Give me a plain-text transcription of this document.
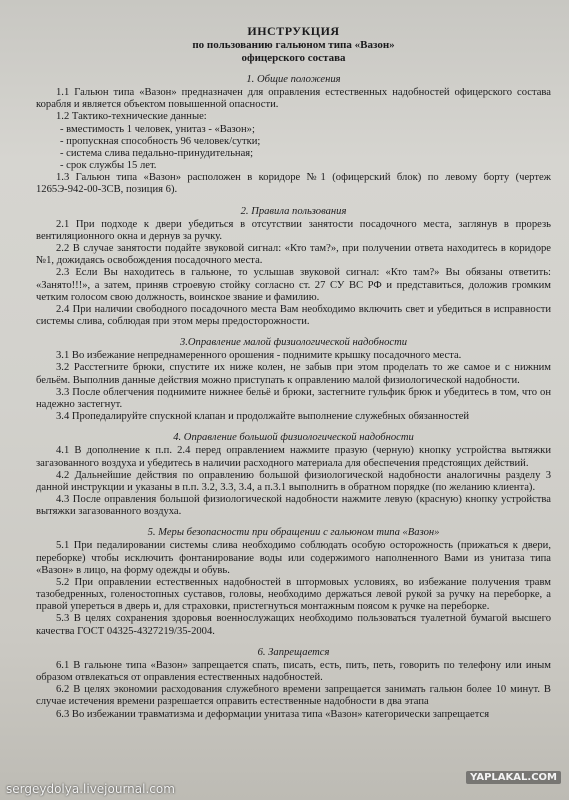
ИНСТРУКЦИЯ
по пользованию гальюном типа «Вазон»
офицерского состава
1. Общие положения

1.1 Гальюн типа «Вазон» предназначен для оправления естественных надобностей офицерского состава корабля и является объектом повышенной опасности.

1.2 Тактико-технические данные:

- вместимость 1 человек, унитаз - «Вазон»;

- пропускная способность 96 человек/сутки;

- система слива педально-принудительная;

- срок службы 15 лет.

1.3 Гальюн типа «Вазон» расположен в коридоре №1 (офицерский блок) по левому борту (чертеж 1265Э-942-00-3СВ, позиция 6).

2. Правила пользования

2.1 При подходе к двери убедиться в отсутствии занятости посадочного места, заглянув в прорезь вентиляционного окна и дернув за ручку.

2.2 В случае занятости подайте звуковой сигнал: «Кто там?», при получении ответа находитесь в коридоре №1, дожидаясь освобождения посадочного места.

2.3 Если Вы находитесь в гальюне, то услышав звуковой сигнал: «Кто там?» Вы обязаны ответить: «Занято!!!», а затем, приняв строевую стойку согласно ст. 27 СУ ВС РФ и представиться, доложив громким четким голосом свою должность, воинское звание и фамилию.

2.4 При наличии свободного посадочного места Вам необходимо включить свет и убедиться в исправности системы слива, соблюдая при этом меры предосторожности.

3.Оправление малой физиологической надобности

3.1 Во избежание непреднамеренного орошения - поднимите крышку посадочного места.

3.2 Расстегните брюки, спустите их ниже колен, не забыв при этом проделать то же самое и с нижним бельём. Выполнив данные действия можно приступать к оправлению малой физиологической надобности.

3.3 После облегчения поднимите нижнее бельё и брюки, застегните гульфик брюк и убедитесь в том, что он надежно застегнут.

3.4 Пропедалируйте спускной клапан и продолжайте выполнение служебных обязанностей

4. Оправление большой физиологической надобности

4.1 В дополнение к п.п. 2.4 перед оправлением нажмите празую (черную) кнопку устройства вытяжки загазованного воздуха и убедитесь в наличии расходного материала для обеспечения предстоящих действий.

4.2 Дальнейшие действия по оправлению большой физиологической надобности аналогичны разделу 3 данной инструкции и указаны в п.п. 3.2, 3.3, 3.4, а п.3.1 выполнить в обратном порядке (по желанию клиента).

4.3 После оправления большой физиологической надобности нажмите левую (красную) кнопку устройства вытяжки загазованного воздуха.

5. Меры безопасности при обращении с гальюном типа «Вазон»

5.1 При педалировании системы слива необходимо соблюдать особую осторожность (прижаться к двери, переборке) чтобы исключить фонтанирование воды или содержимого наполненного Вами из унитаза типа «Вазон» в лицо, на форму одежды и обувь.

5.2 При оправлении естественных надобностей в штормовых условиях, во избежание получения травм тазобедренных, голеностопных суставов, головы, необходимо держаться левой рукой за ручку на переборке, а правой упереться в дверь и, для страховки, пристегнуться монтажным поясом к ручке на переборке.

5.3 В целях сохранения здоровья военнослужащих необходимо пользоваться туалетной бумагой высшего качества ГОСТ 04325-4327219/35-2004.

6. Запрещается

6.1 В гальюне типа «Вазон» запрещается спать, писать, есть, пить, петь, говорить по телефону или иным образом отвлекаться от оправления естественных надобностей.

6.2 В целях экономии расходования служебного времени запрещается занимать гальюн более 10 минут. В случае истечения времени разрешается оправить естественные надобности в два этапа

6.3 Во избежании травматизма и деформации унитаза типа «Вазон» категорически запрещается

sergeydolya.livejournal.com
YAPLAKAL.COM
